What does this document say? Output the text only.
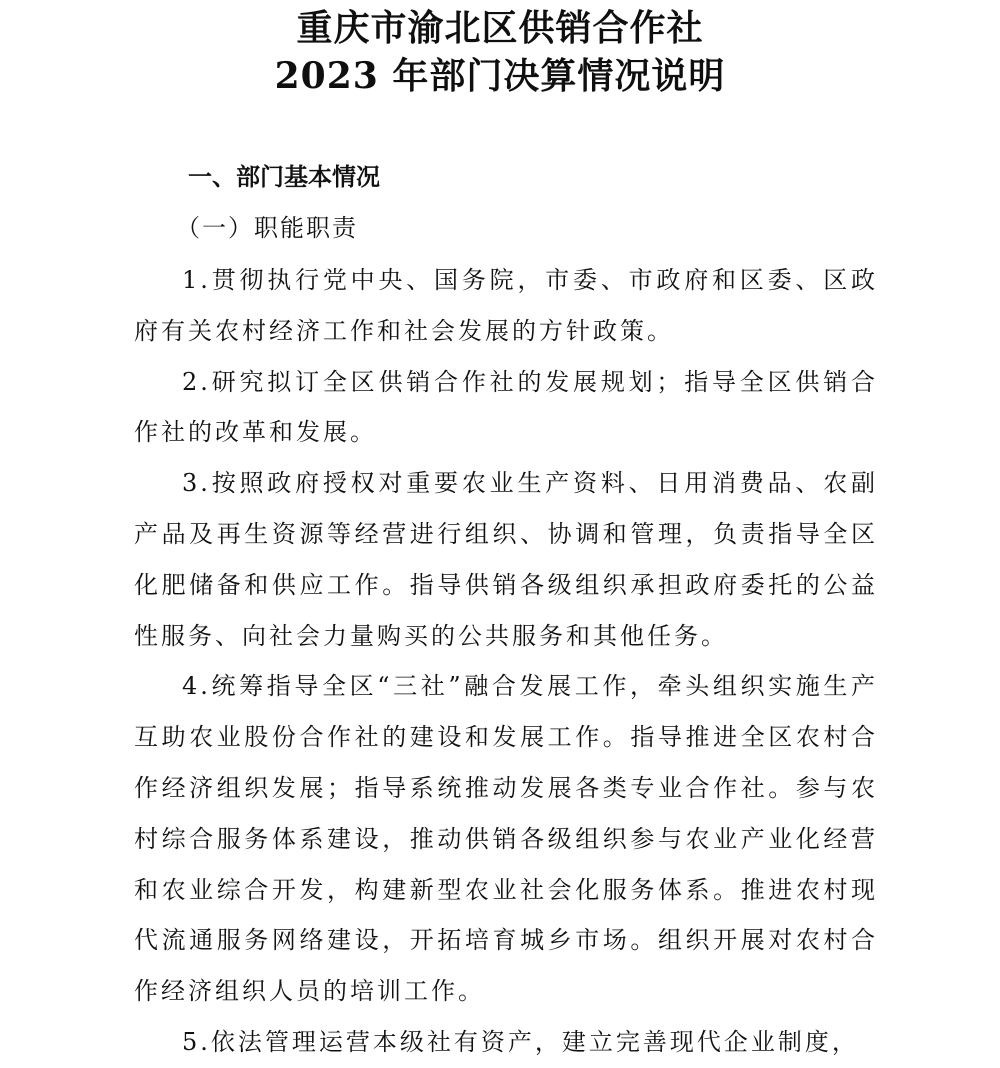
重庆市渝北区供销合作社
2023 年部门决算情况说明
一、部门基本情况
（一）职能职责

1.贯彻执行党中央、国务院，市委、市政府和区委、区政府有关农村经济工作和社会发展的方针政策。

2.研究拟订全区供销合作社的发展规划；指导全区供销合作社的改革和发展。

3.按照政府授权对重要农业生产资料、日用消费品、农副产品及再生资源等经营进行组织、协调和管理，负责指导全区化肥储备和供应工作。指导供销各级组织承担政府委托的公益性服务、向社会力量购买的公共服务和其他任务。

4.统筹指导全区“三社”融合发展工作，牵头组织实施生产互助农业股份合作社的建设和发展工作。指导推进全区农村合作经济组织发展；指导系统推动发展各类专业合作社。参与农村综合服务体系建设，推动供销各级组织参与农业产业化经营和农业综合开发，构建新型农业社会化服务体系。推进农村现代流通服务网络建设，开拓培育城乡市场。组织开展对农村合作经济组织人员的培训工作。

5.依法管理运营本级社有资产，建立完善现代企业制度，
